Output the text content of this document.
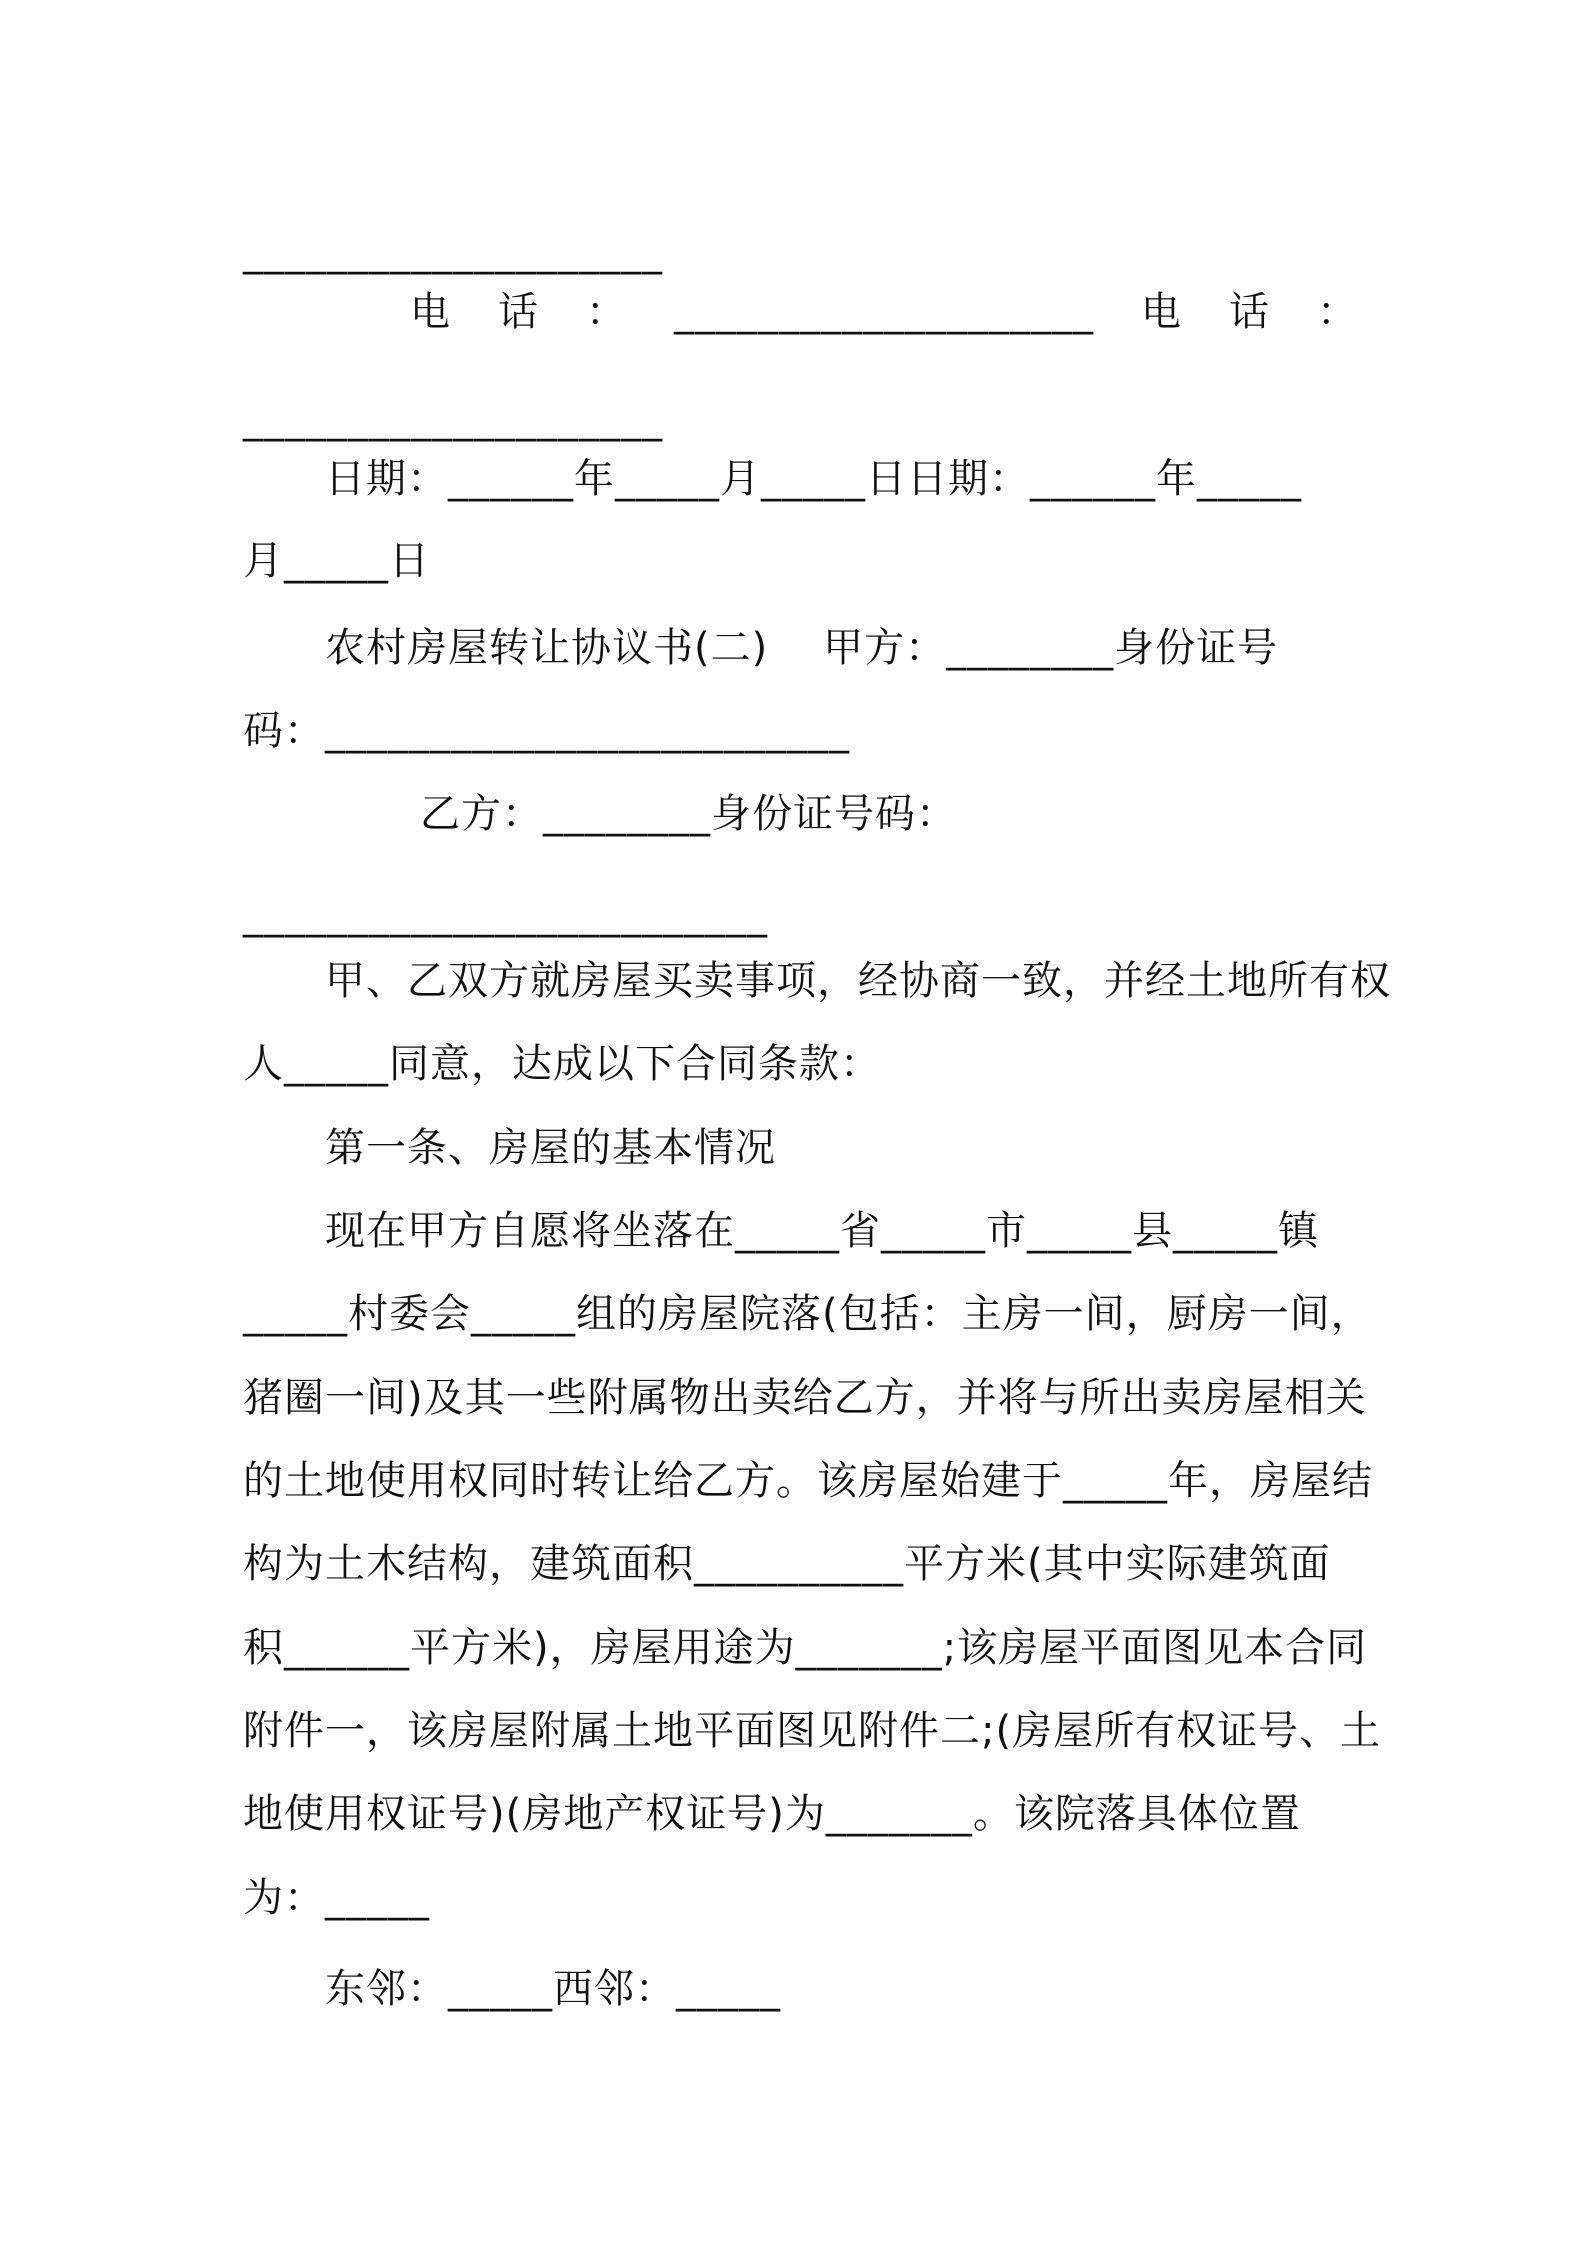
____________________
电 话 ： ____________________ 电 话 ：
____________________
日期：______年_____月_____日日期：______年_____
月_____日
农村房屋转让协议书(二)    甲方：________身份证号
码：_________________________
乙方：________身份证号码：
_________________________
甲、乙双方就房屋买卖事项，经协商一致，并经土地所有权
人_____同意，达成以下合同条款：
第一条、房屋的基本情况
现在甲方自愿将坐落在_____省_____市_____县_____镇
_____村委会_____组的房屋院落(包括：主房一间，厨房一间，
猪圈一间)及其一些附属物出卖给乙方，并将与所出卖房屋相关
的土地使用权同时转让给乙方。该房屋始建于_____年，房屋结
构为土木结构，建筑面积__________平方米(其中实际建筑面
积______平方米)，房屋用途为_______;该房屋平面图见本合同
附件一，该房屋附属土地平面图见附件二;(房屋所有权证号、土
地使用权证号)(房地产权证号)为_______。该院落具体位置
为：_____
东邻：_____西邻：_____
